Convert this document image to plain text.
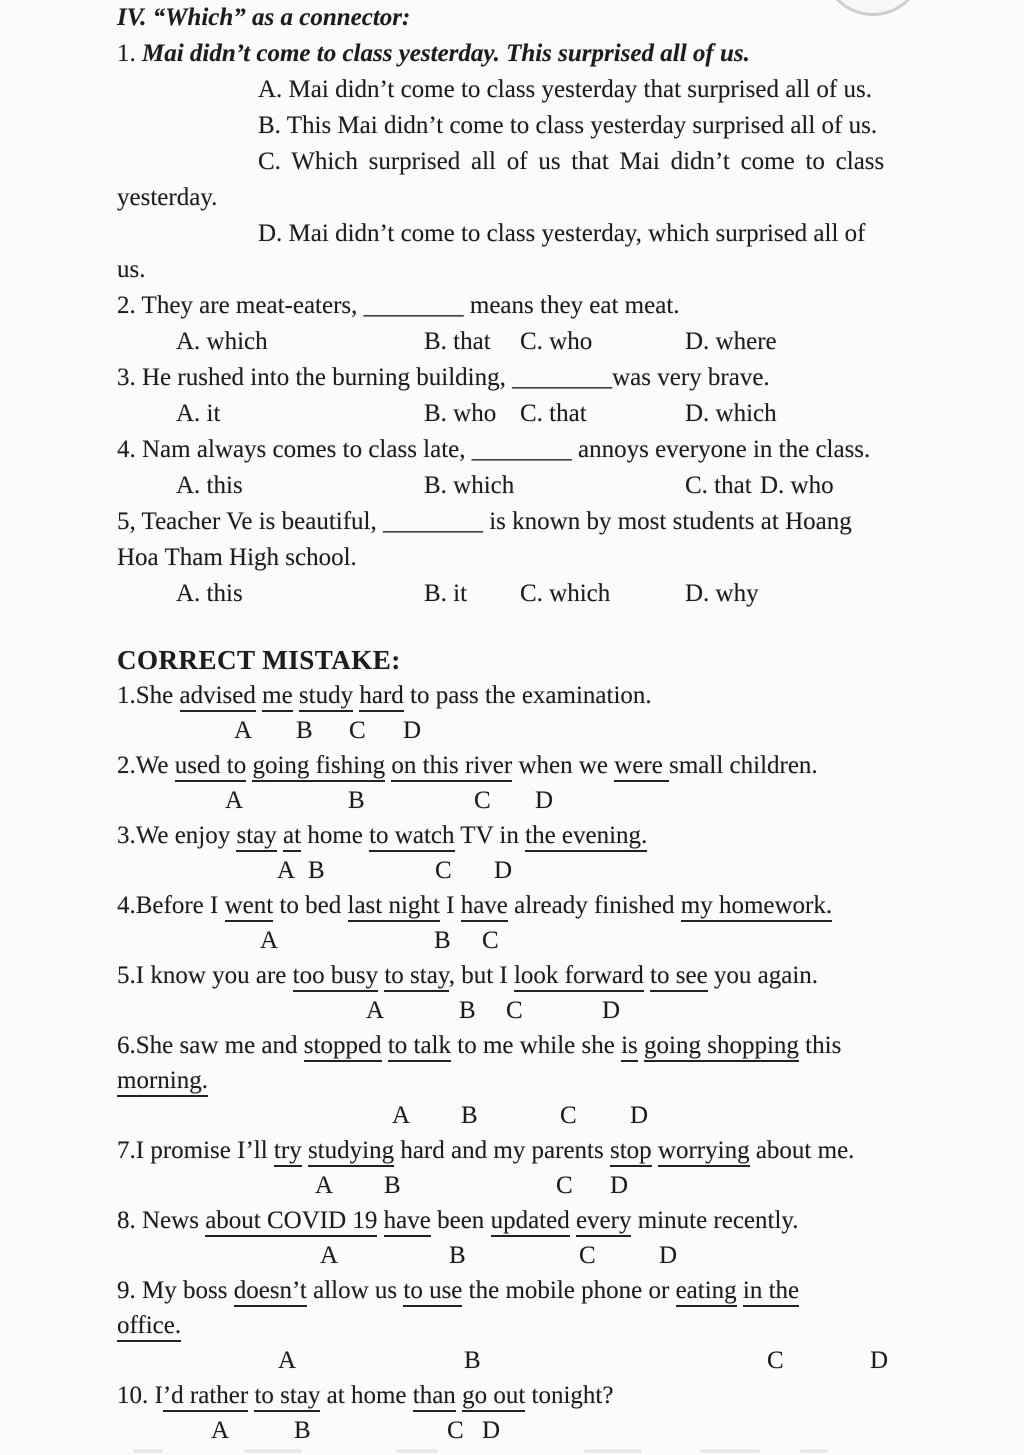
IV. “Which” as a connector:
1. Mai didn’t come to class yesterday. This surprised all of us.
A. Mai didn’t come to class yesterday that surprised all of us.
B. This Mai didn’t come to class yesterday surprised all of us.
C. Which surprised all of us that Mai didn’t come to class
yesterday.
D. Mai didn’t come to class yesterday, which surprised all of
us.
2. They are meat-eaters, ________ means they eat meat.
A. which	B. that C. who	D. where
3. He rushed into the burning building, ________was very brave.
A. it	B. who C. that	D. which
4. Nam always comes to class late, ________ annoys everyone in the class.
A. this	B. which	C. that D. who
5, Teacher Ve is beautiful, ________ is known by most students at Hoang
Hoa Tham High school.
A. this	B. it C. which	D. why
CORRECT MISTAKE:
1.She advised me study hard to pass the examination.
A B C D
2.We used to going fishing on this river when we were small children.
A	B	C D
3.We enjoy stay at home to watch TV in the evening.
A B	C D
4.Before I went to bed last night I have already finished my homework.
A	B C
5.I know you are too busy to stay, but I look forward to see you again.
A	B C	D
6.She saw me and stopped to talk to me while she is going shopping this
morning.
A B	C D
7.I promise I’ll try studying hard and my parents stop worrying about me.
A B	C D
8. News about COVID 19 have been updated every minute recently.
A	B	C	D
9. My boss doesn’t allow us to use the mobile phone or eating in the
office.
A	B	C	D
10. I’d rather to stay at home than go out tonight?
A	B	C D
